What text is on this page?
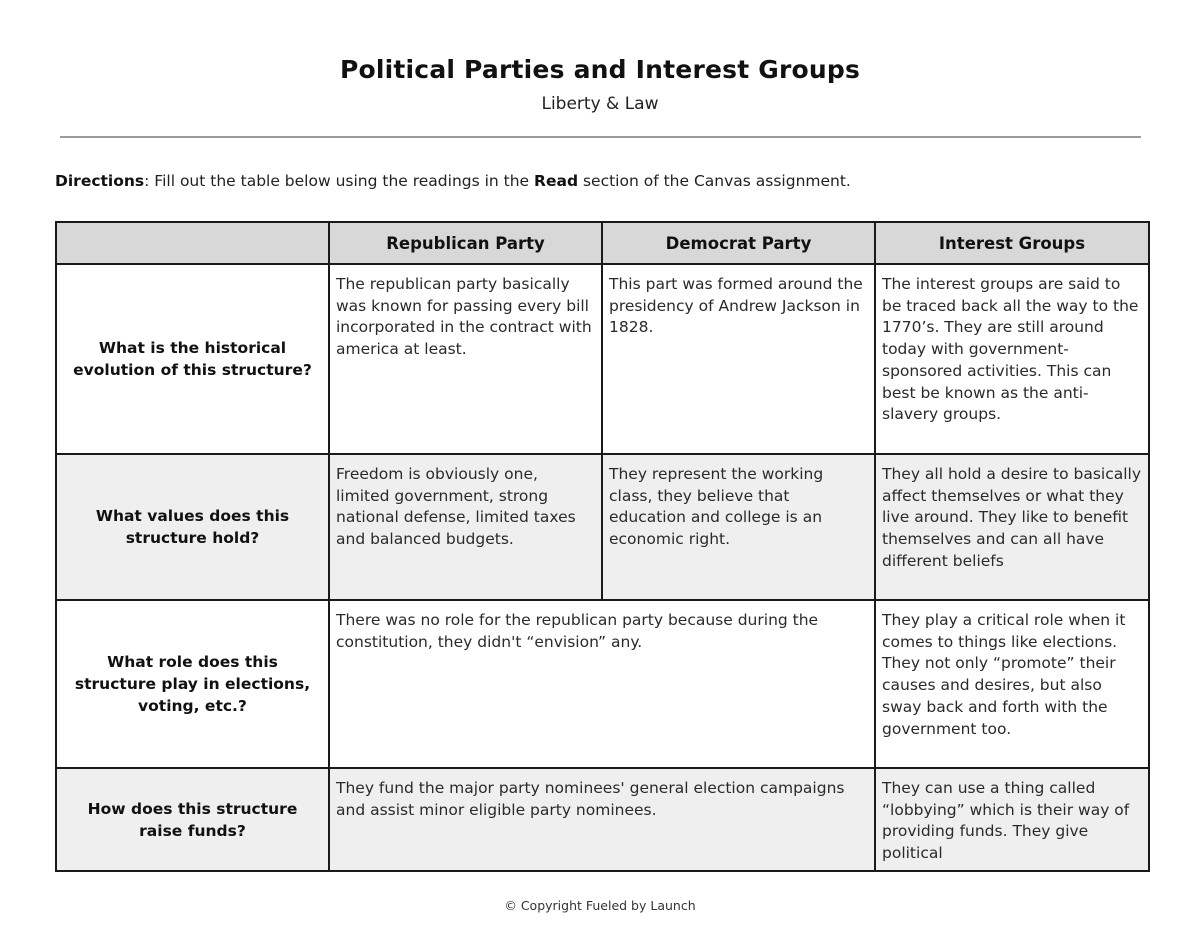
Political Parties and Interest Groups
Liberty & Law
Directions: Fill out the table below using the readings in the Read section of the Canvas assignment.
	Republican Party	Democrat Party	Interest Groups

What is the historical evolution of this structure?	The republican party basically was known for passing every bill incorporated in the contract with america at least.	This part was formed around the presidency of Andrew Jackson in 1828.	The interest groups are said to be traced back all the way to the 1770’s. They are still around today with government-sponsored activities. This can best be known as the anti-slavery groups.

What values does this structure hold?	Freedom is obviously one, limited government, strong national defense, limited taxes and balanced budgets.	They represent the working class, they believe that education and college is an economic right.	They all hold a desire to basically affect themselves or what they live around. They like to benefit themselves and can all have different beliefs

What role does this structure play in elections, voting, etc.?	There was no role for the republican party because during the constitution, they didn't “envision” any.		They play a critical role when it comes to things like elections. They not only “promote” their causes and desires, but also sway back and forth with the government too.

How does this structure raise funds?	They fund the major party nominees' general election campaigns and assist minor eligible party nominees.		They can use a thing called “lobbying” which is their way of providing funds. They give political
© Copyright Fueled by Launch
